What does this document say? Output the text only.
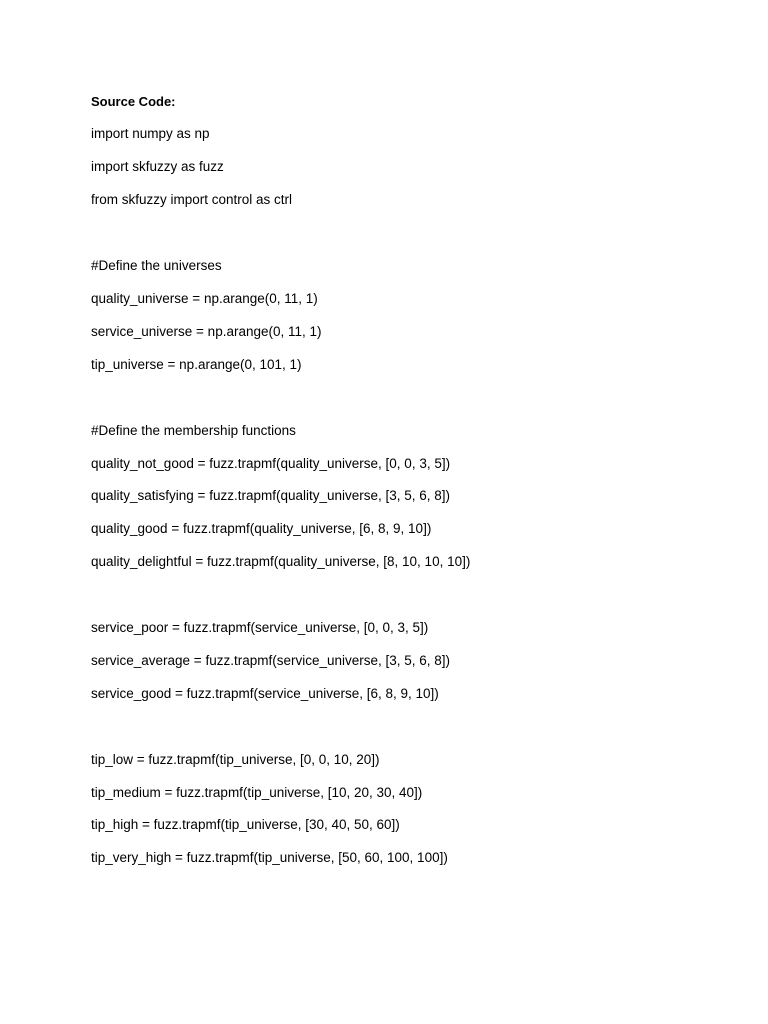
Source Code:
import numpy as np
import skfuzzy as fuzz
from skfuzzy import control as ctrl
#Define the universes
quality_universe = np.arange(0, 11, 1)
service_universe = np.arange(0, 11, 1)
tip_universe = np.arange(0, 101, 1)
#Define the membership functions
quality_not_good = fuzz.trapmf(quality_universe, [0, 0, 3, 5])
quality_satisfying = fuzz.trapmf(quality_universe, [3, 5, 6, 8])
quality_good = fuzz.trapmf(quality_universe, [6, 8, 9, 10])
quality_delightful = fuzz.trapmf(quality_universe, [8, 10, 10, 10])
service_poor = fuzz.trapmf(service_universe, [0, 0, 3, 5])
service_average = fuzz.trapmf(service_universe, [3, 5, 6, 8])
service_good = fuzz.trapmf(service_universe, [6, 8, 9, 10])
tip_low = fuzz.trapmf(tip_universe, [0, 0, 10, 20])
tip_medium = fuzz.trapmf(tip_universe, [10, 20, 30, 40])
tip_high = fuzz.trapmf(tip_universe, [30, 40, 50, 60])
tip_very_high = fuzz.trapmf(tip_universe, [50, 60, 100, 100])
